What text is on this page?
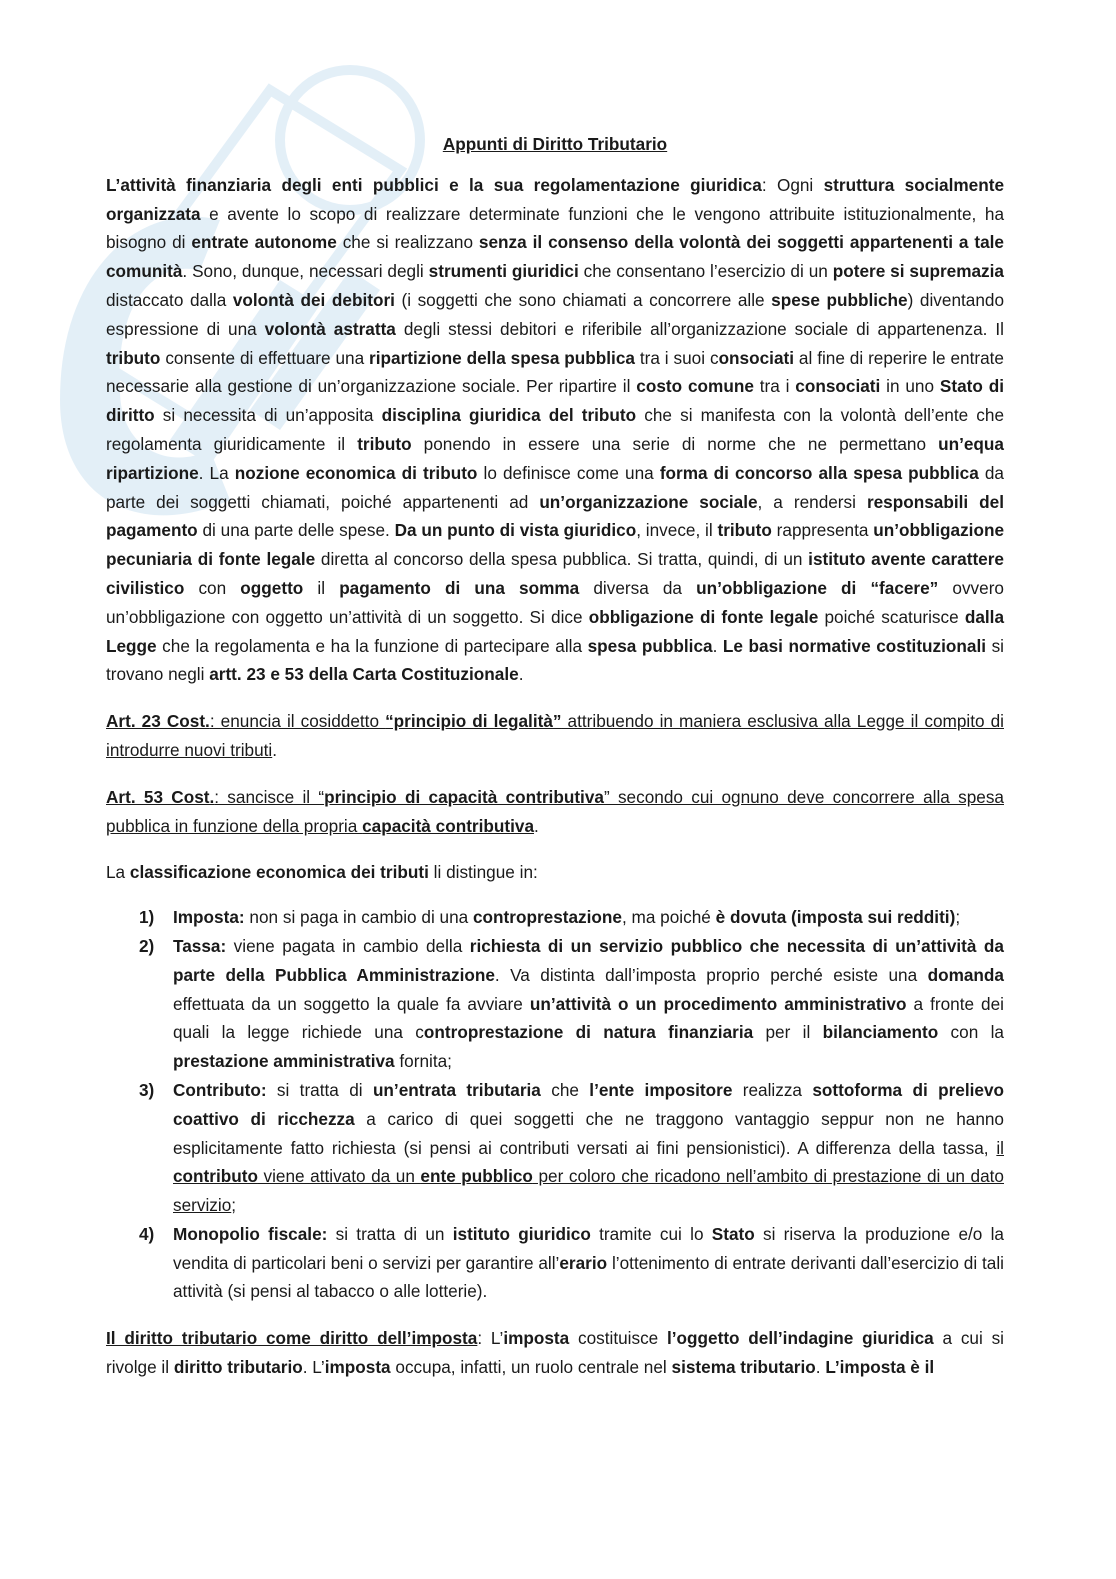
Appunti di Diritto Tributario

L’attività finanziaria degli enti pubblici e la sua regolamentazione giuridica: Ogni struttura socialmente organizzata e avente lo scopo di realizzare determinate funzioni che le vengono attribuite istituzionalmente, ha bisogno di entrate autonome che si realizzano senza il consenso della volontà dei soggetti appartenenti a tale comunità. Sono, dunque, necessari degli strumenti giuridici che consentano l’esercizio di un potere si supremazia distaccato dalla volontà dei debitori (i soggetti che sono chiamati a concorrere alle spese pubbliche) diventando espressione di una volontà astratta degli stessi debitori e riferibile all’organizzazione sociale di appartenenza. Il tributo consente di effettuare una ripartizione della spesa pubblica tra i suoi consociati al fine di reperire le entrate necessarie alla gestione di un’organizzazione sociale. Per ripartire il costo comune tra i consociati in uno Stato di diritto si necessita di un’apposita disciplina giuridica del tributo che si manifesta con la volontà dell’ente che regolamenta giuridicamente il tributo ponendo in essere una serie di norme che ne permettano un’equa ripartizione. La nozione economica di tributo lo definisce come una forma di concorso alla spesa pubblica da parte dei soggetti chiamati, poiché appartenenti ad un’organizzazione sociale, a rendersi responsabili del pagamento di una parte delle spese. Da un punto di vista giuridico, invece, il tributo rappresenta un’obbligazione pecuniaria di fonte legale diretta al concorso della spesa pubblica. Si tratta, quindi, di un istituto avente carattere civilistico con oggetto il pagamento di una somma diversa da un’obbligazione di “facere” ovvero un’obbligazione con oggetto un’attività di un soggetto. Si dice obbligazione di fonte legale poiché scaturisce dalla Legge che la regolamenta e ha la funzione di partecipare alla spesa pubblica. Le basi normative costituzionali si trovano negli artt. 23 e 53 della Carta Costituzionale.

Art. 23 Cost.: enuncia il cosiddetto “principio di legalità” attribuendo in maniera esclusiva alla Legge il compito di introdurre nuovi tributi.

Art. 53 Cost.: sancisce il “principio di capacità contributiva” secondo cui ognuno deve concorrere alla spesa pubblica in funzione della propria capacità contributiva.

La classificazione economica dei tributi li distingue in:

1) Imposta: non si paga in cambio di una controprestazione, ma poiché è dovuta (imposta sui redditi);
2) Tassa: viene pagata in cambio della richiesta di un servizio pubblico che necessita di un’attività da parte della Pubblica Amministrazione. Va distinta dall’imposta proprio perché esiste una domanda effettuata da un soggetto la quale fa avviare un’attività o un procedimento amministrativo a fronte dei quali la legge richiede una controprestazione di natura finanziaria per il bilanciamento con la prestazione amministrativa fornita;
3) Contributo: si tratta di un’entrata tributaria che l’ente impositore realizza sottoforma di prelievo coattivo di ricchezza a carico di quei soggetti che ne traggono vantaggio seppur non ne hanno esplicitamente fatto richiesta (si pensi ai contributi versati ai fini pensionistici). A differenza della tassa, il contributo viene attivato da un ente pubblico per coloro che ricadono nell’ambito di prestazione di un dato servizio;
4) Monopolio fiscale: si tratta di un istituto giuridico tramite cui lo Stato si riserva la produzione e/o la vendita di particolari beni o servizi per garantire all’erario l’ottenimento di entrate derivanti dall’esercizio di tali attività (si pensi al tabacco o alle lotterie).

Il diritto tributario come diritto dell’imposta: L’imposta costituisce l’oggetto dell’indagine giuridica a cui si rivolge il diritto tributario. L’imposta occupa, infatti, un ruolo centrale nel sistema tributario. L’imposta è il
